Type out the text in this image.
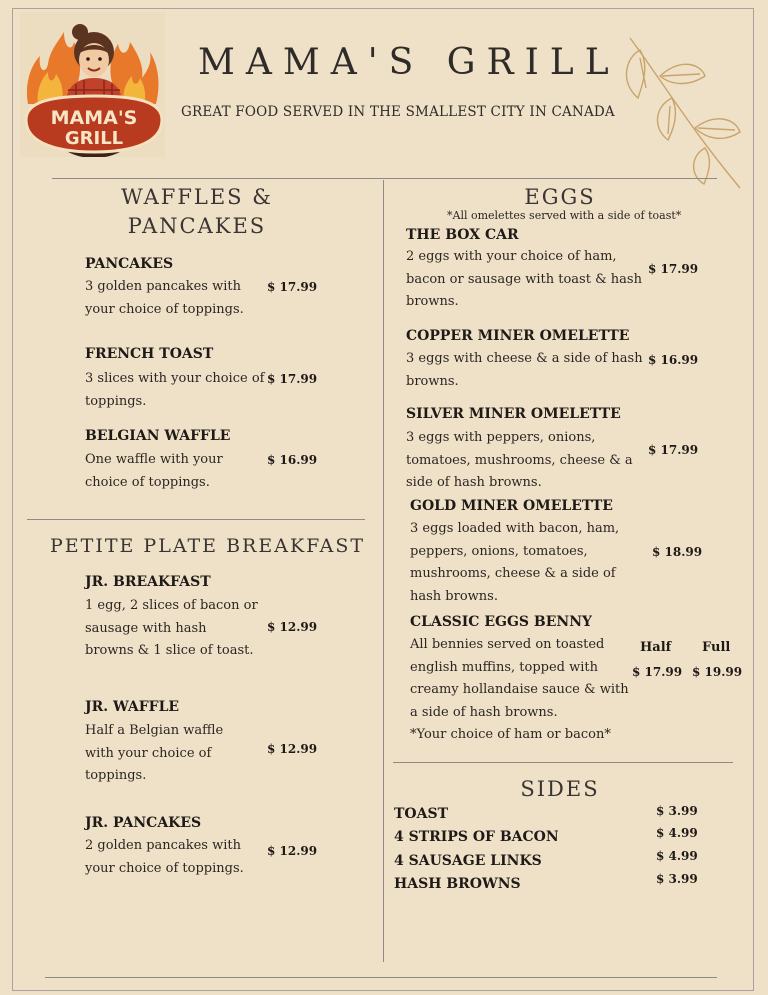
MAMA'S
GRILL
MAMA'S GRILL
GREAT FOOD SERVED IN THE SMALLEST CITY IN CANADA
WAFFLES &
PANCAKES
PANCAKES
3 golden pancakes with
your choice of toppings.
$ 17.99
FRENCH TOAST
3 slices with your choice of
toppings.
$ 17.99
BELGIAN WAFFLE
One waffle with your
choice of toppings.
$ 16.99
PETITE PLATE BREAKFAST
JR. BREAKFAST
1 egg, 2 slices of bacon or
sausage with hash
browns & 1 slice of toast.
$ 12.99
JR. WAFFLE
Half a Belgian waffle
with your choice of
toppings.
$ 12.99
JR. PANCAKES
2 golden pancakes with
your choice of toppings.
$ 12.99
EGGS
*All omelettes served with a side of toast*
THE BOX CAR
2 eggs with your choice of ham,
bacon or sausage with toast & hash
browns.
$ 17.99
COPPER MINER OMELETTE
3 eggs with cheese & a side of hash
browns.
$ 16.99
SILVER MINER OMELETTE
3 eggs with peppers, onions,
tomatoes, mushrooms, cheese & a
side of hash browns.
$ 17.99
GOLD MINER OMELETTE
3 eggs loaded with bacon, ham,
peppers, onions, tomatoes,
mushrooms, cheese & a side of
hash browns.
$ 18.99
CLASSIC EGGS BENNY
All bennies served on toasted
english muffins, topped with
creamy hollandaise sauce & with
a side of hash browns.
*Your choice of ham or bacon*
Half Full
$ 17.99 $ 19.99
SIDES
TOAST
4 STRIPS OF BACON
4 SAUSAGE LINKS
HASH BROWNS
$ 3.99
$ 4.99
$ 4.99
$ 3.99
